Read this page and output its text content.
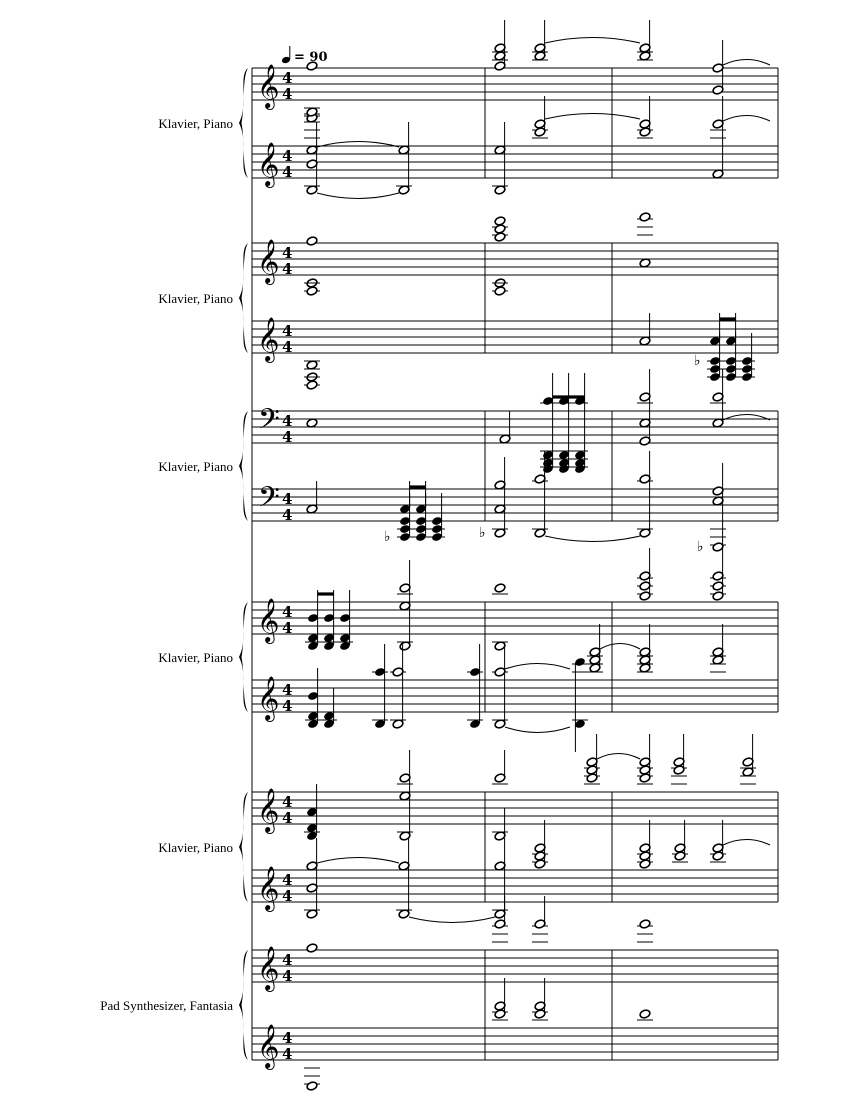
Klavier, Piano
Klavier, Piano
Klavier, Piano
Klavier, Piano
Klavier, Piano
Pad Synthesizer, Fantasia
𝄞 4
4
𝄞 4
4
𝄞 4
4
𝄞 4
4
𝄢 4
4
𝄢 4
4
𝄞 4
4
𝄞 4
4
𝄞 4
4
𝄞 4
4
𝄞 4
4
𝄞 4
4
♭
♭	♭
♭
= 90
